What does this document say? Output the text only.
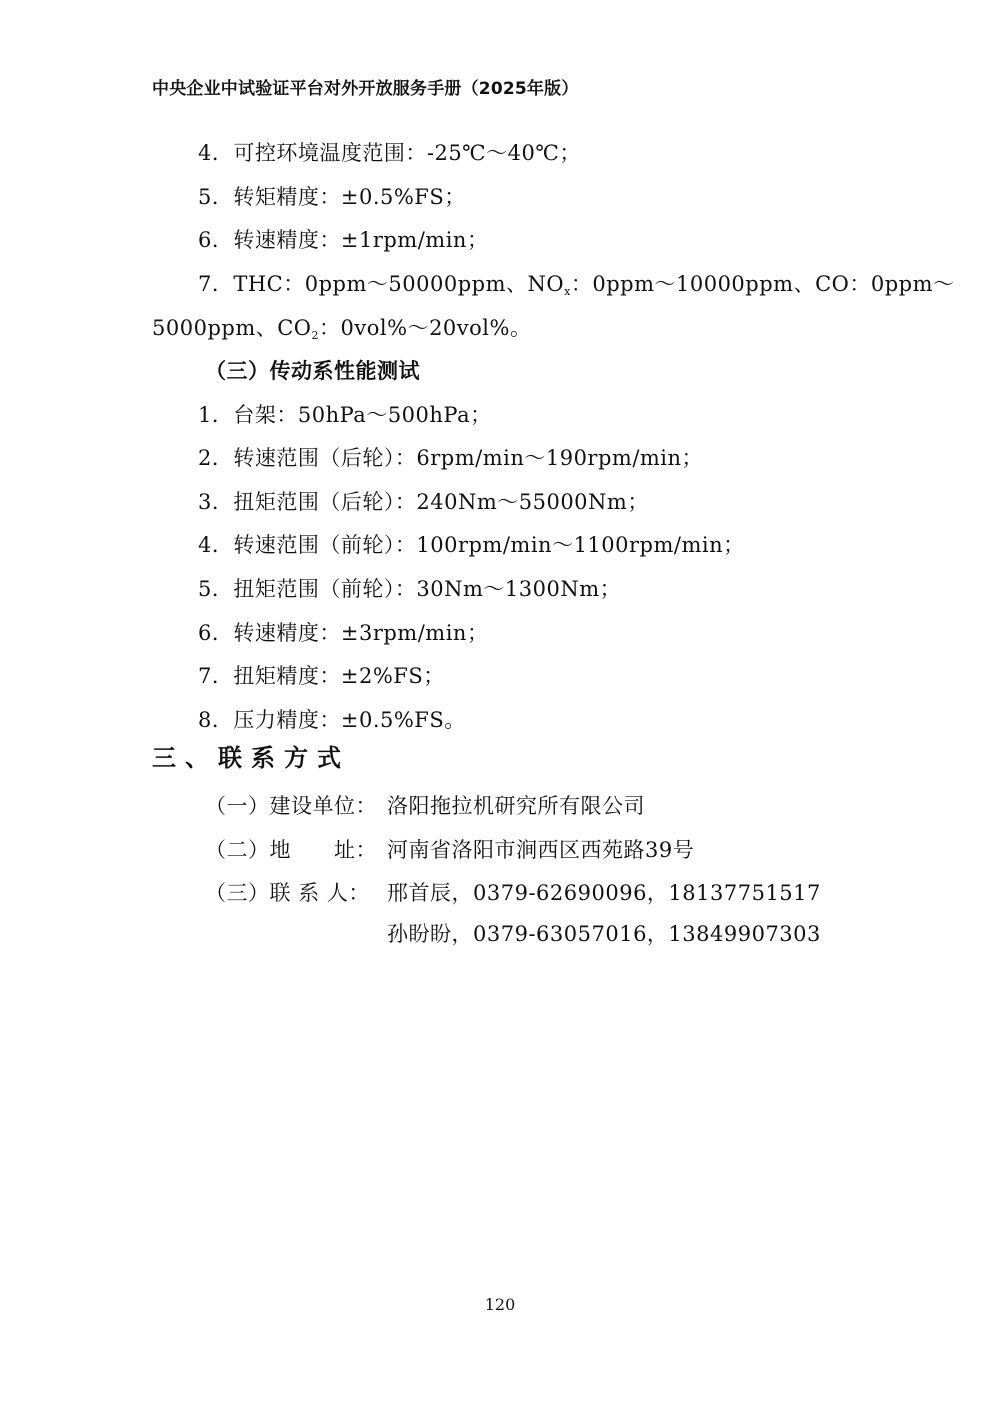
中央企业中试验证平台对外开放服务手册（2025年版）
4．可控环境温度范围：-25℃～40℃；
5．转矩精度：±0.5%FS；
6．转速精度：±1rpm/min；
7．THC：0ppm～50000ppm、$NO_x$：0ppm～10000ppm、CO：0ppm～
5000ppm、$CO_2$：0vol%～20vol%。
（三）传动系性能测试
1．台架：50hPa～500hPa；
2．转速范围（后轮）：6rpm/min～190rpm/min；
3．扭矩范围（后轮）：240Nm～55000Nm；
4．转速范围（前轮）：100rpm/min～1100rpm/min；
5．扭矩范围（前轮）：30Nm～1300Nm；
6．转速精度：±3rpm/min；
7．扭矩精度：±2%FS；
8．压力精度：±0.5%FS。
三、联系方式
（一）建设单位： 洛阳拖拉机研究所有限公司
（二）地　　址： 河南省洛阳市涧西区西苑路39号
（三）联 系 人： 邢首辰，0379-62690096，18137751517
孙盼盼，0379-63057016，13849907303
120
